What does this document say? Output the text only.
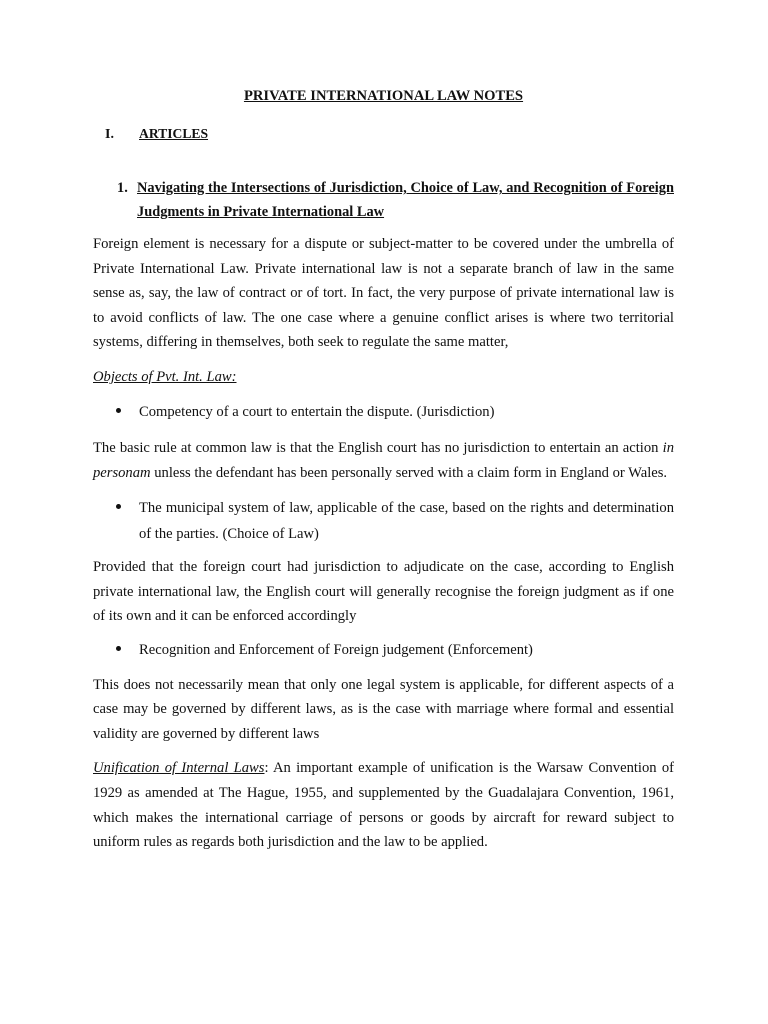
PRIVATE INTERNATIONAL LAW NOTES
I.	ARTICLES
1. Navigating the Intersections of Jurisdiction, Choice of Law, and Recognition of Foreign Judgments in Private International Law

Foreign element is necessary for a dispute or subject-matter to be covered under the umbrella of Private International Law. Private international law is not a separate branch of law in the same sense as, say, the law of contract or of tort. In fact, the very purpose of private international law is to avoid conflicts of law. The one case where a genuine conflict arises is where two territorial systems, differing in themselves, both seek to regulate the same matter,

Objects of Pvt. Int. Law:

Competency of a court to entertain the dispute. (Jurisdiction)

The basic rule at common law is that the English court has no jurisdiction to entertain an action in personam unless the defendant has been personally served with a claim form in England or Wales.

The municipal system of law, applicable of the case, based on the rights and determination of the parties. (Choice of Law)

Provided that the foreign court had jurisdiction to adjudicate on the case, according to English private international law, the English court will generally recognise the foreign judgment as if one of its own and it can be enforced accordingly

Recognition and Enforcement of Foreign judgement (Enforcement)

This does not necessarily mean that only one legal system is applicable, for different aspects of a case may be governed by different laws, as is the case with marriage where formal and essential validity are governed by different laws

Unification of Internal Laws: An important example of unification is the Warsaw Convention of 1929 as amended at The Hague, 1955, and supplemented by the Guadalajara Convention, 1961, which makes the international carriage of persons or goods by aircraft for reward subject to uniform rules as regards both jurisdiction and the law to be applied.
